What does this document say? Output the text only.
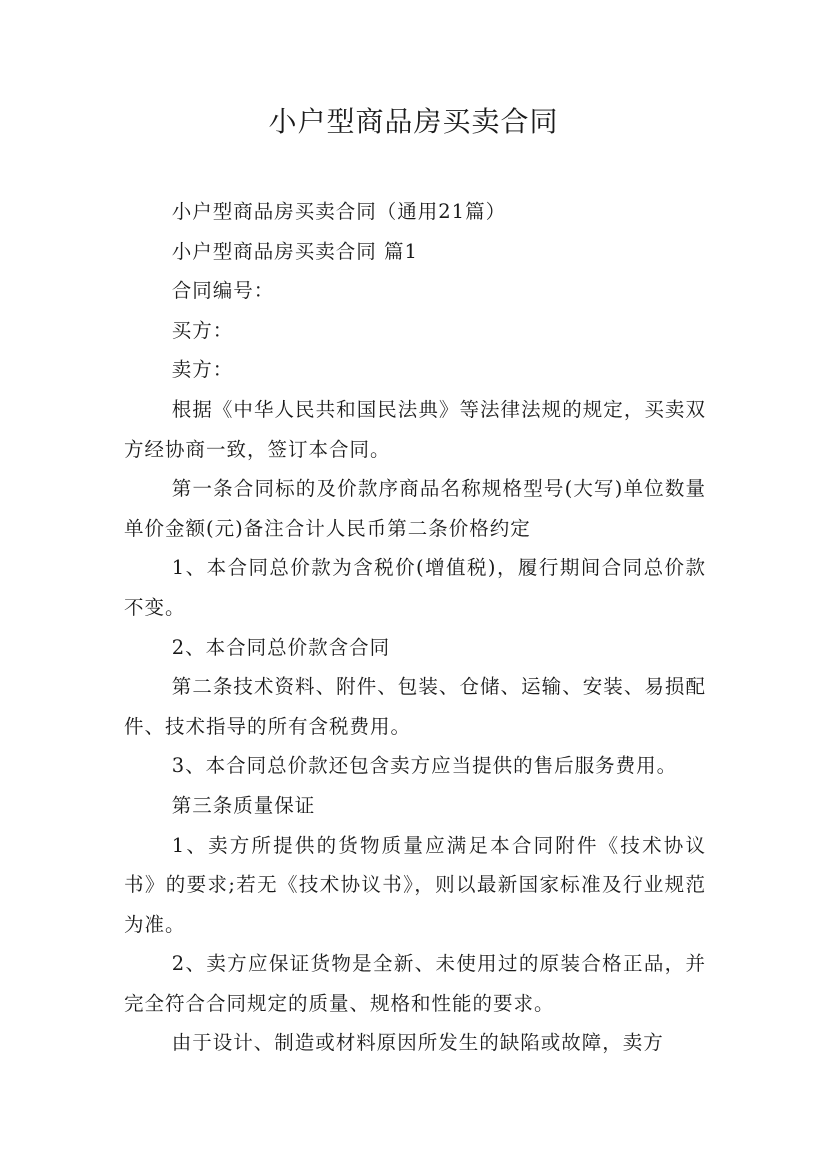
小户型商品房买卖合同

小户型商品房买卖合同（通用21篇）

小户型商品房买卖合同 篇1

合同编号：

买方：

卖方：

根据《中华人民共和国民法典》等法律法规的规定，买卖双方经协商一致，签订本合同。

第一条合同标的及价款序商品名称规格型号(大写)单位数量单价金额(元)备注合计人民币第二条价格约定

1、本合同总价款为含税价(增值税)，履行期间合同总价款不变。

2、本合同总价款含合同

第二条技术资料、附件、包装、仓储、运输、安装、易损配件、技术指导的所有含税费用。

3、本合同总价款还包含卖方应当提供的售后服务费用。

第三条质量保证

1、卖方所提供的货物质量应满足本合同附件《技术协议书》的要求;若无《技术协议书》，则以最新国家标准及行业规范为准。

2、卖方应保证货物是全新、未使用过的原装合格正品，并完全符合合同规定的质量、规格和性能的要求。

由于设计、制造或材料原因所发生的缺陷或故障，卖方
